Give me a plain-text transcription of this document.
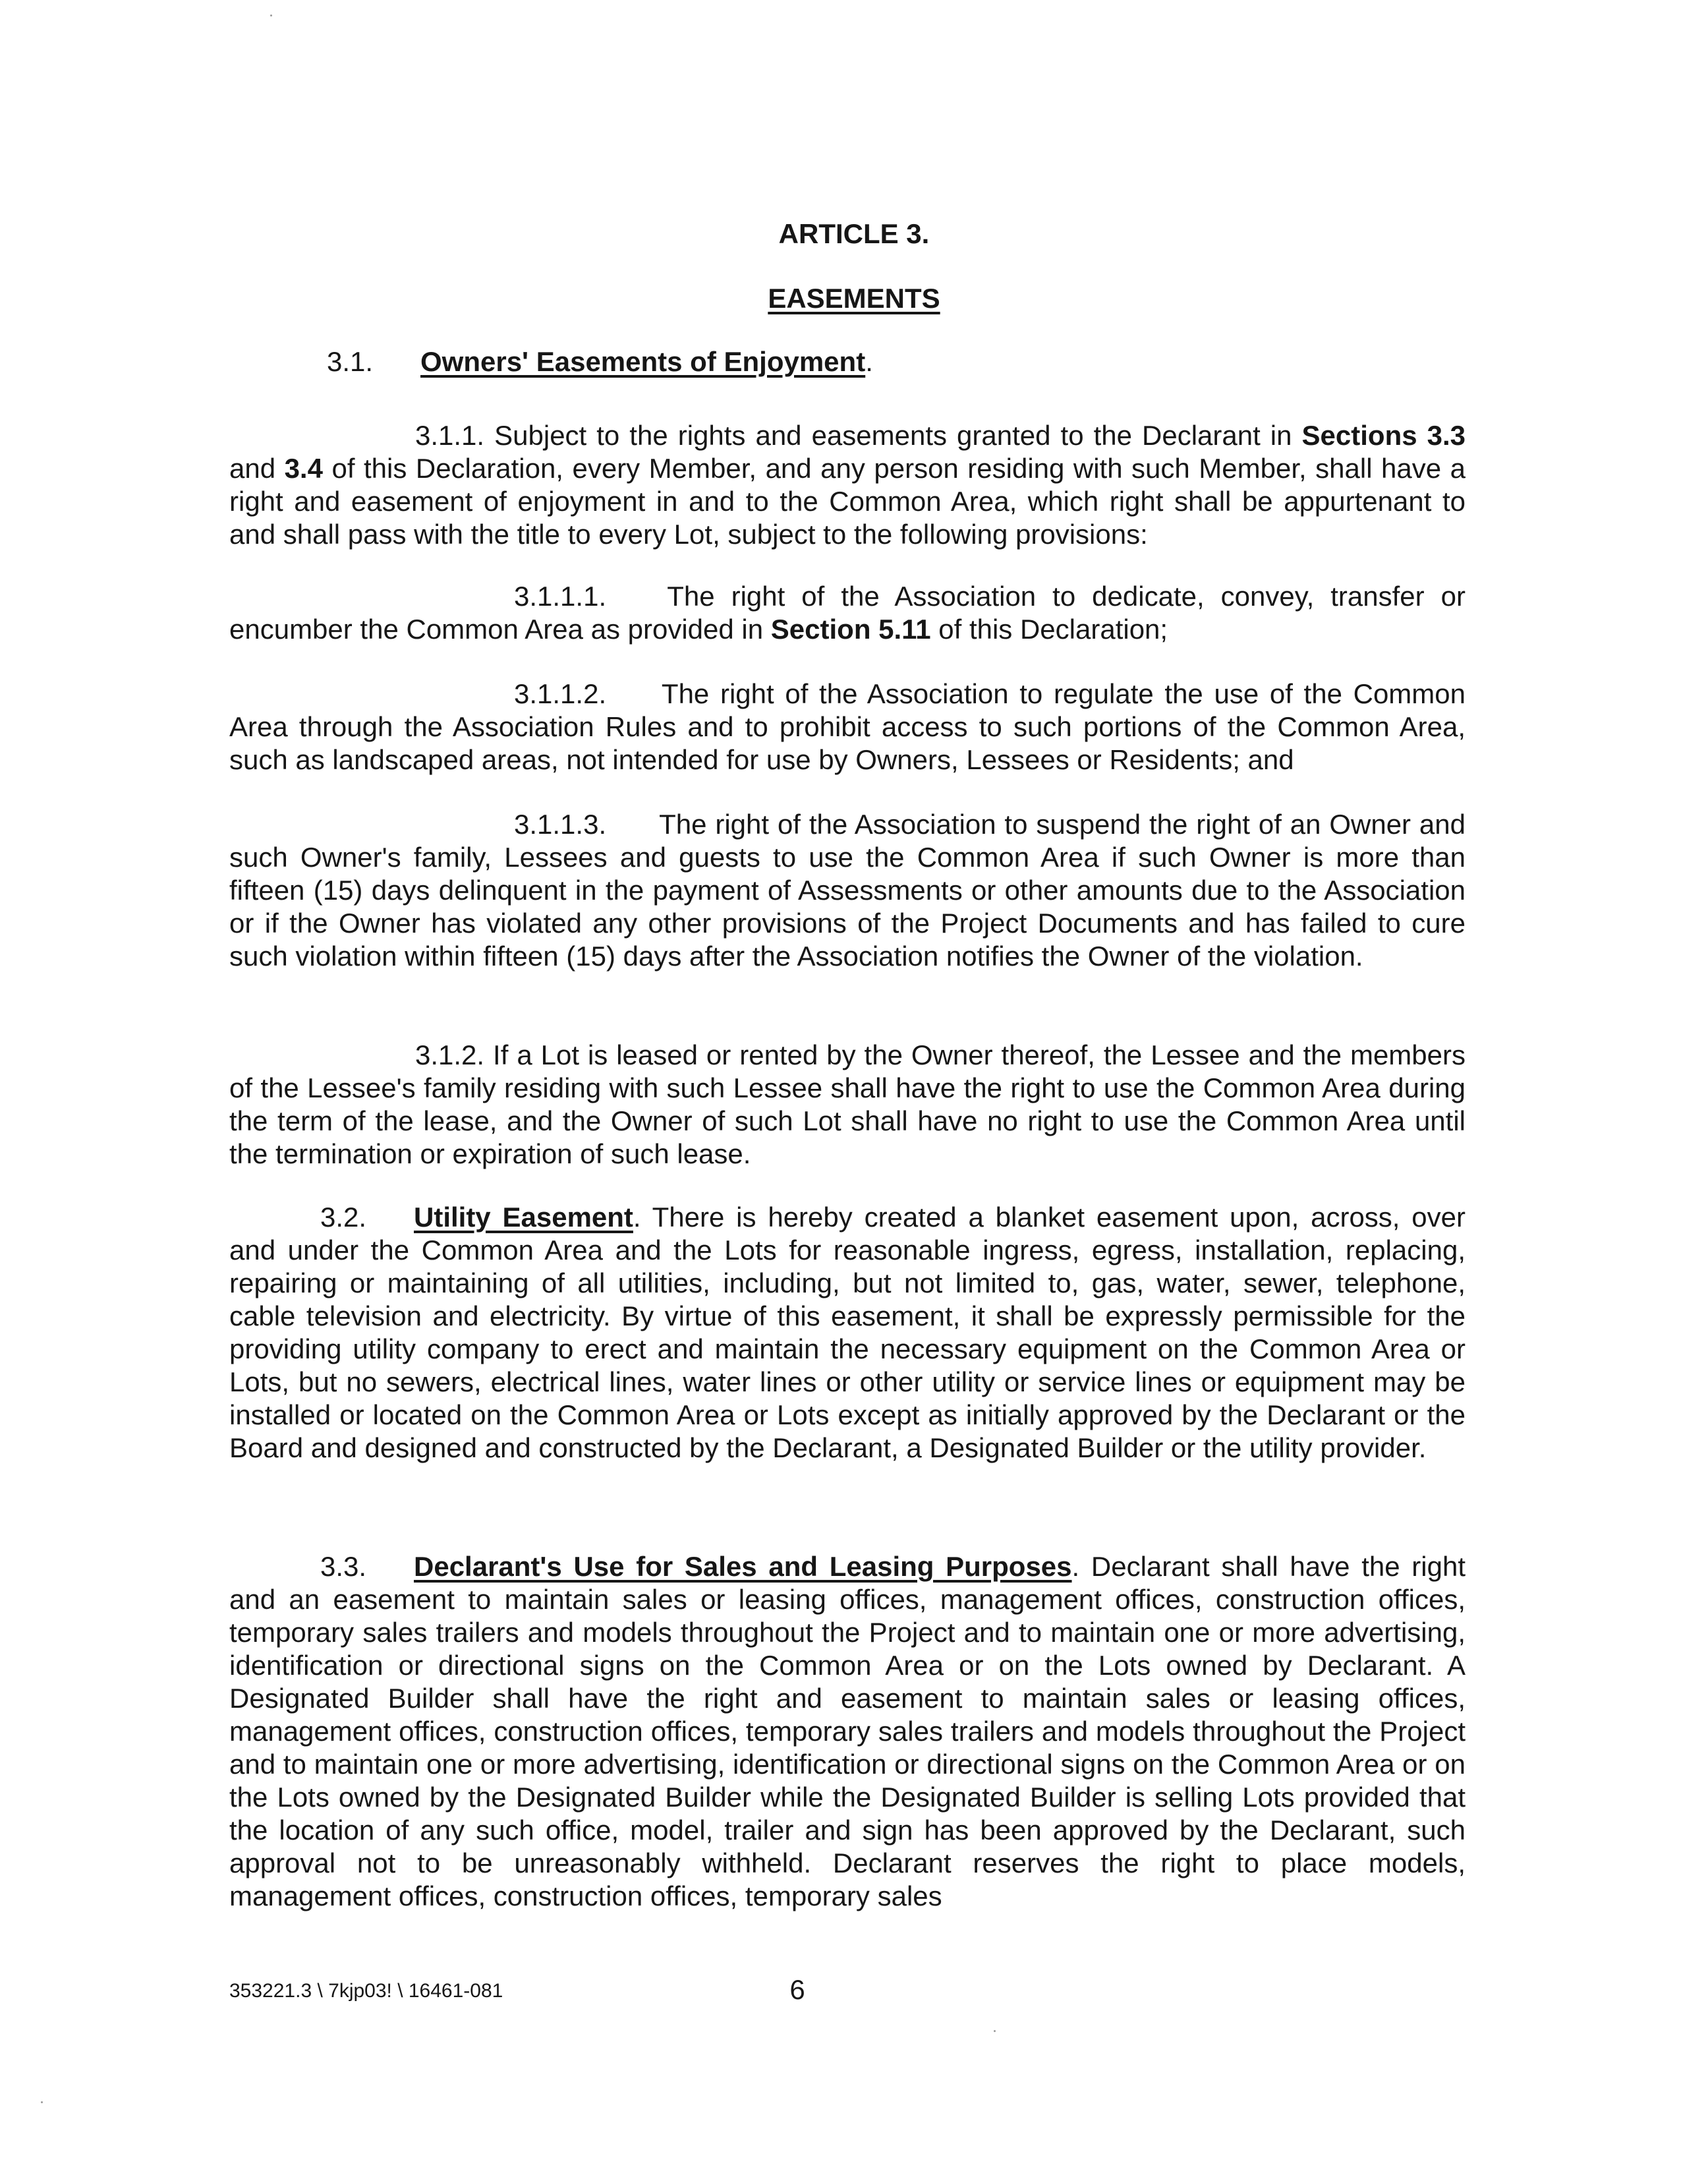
ARTICLE 3.
EASEMENTS

3.1. Owners' Easements of Enjoyment.

3.1.1. Subject to the rights and easements granted to the Declarant in Sections 3.3 and 3.4 of this Declaration, every Member, and any person residing with such Member, shall have a right and easement of enjoyment in and to the Common Area, which right shall be appurtenant to and shall pass with the title to every Lot, subject to the following provisions:

3.1.1.1. The right of the Association to dedicate, convey, transfer or encumber the Common Area as provided in Section 5.11 of this Declaration;

3.1.1.2. The right of the Association to regulate the use of the Common Area through the Association Rules and to prohibit access to such portions of the Common Area, such as landscaped areas, not intended for use by Owners, Lessees or Residents; and

3.1.1.3. The right of the Association to suspend the right of an Owner and such Owner's family, Lessees and guests to use the Common Area if such Owner is more than fifteen (15) days delinquent in the payment of Assessments or other amounts due to the Association or if the Owner has violated any other provisions of the Project Documents and has failed to cure such violation within fifteen (15) days after the Association notifies the Owner of the violation.

3.1.2. If a Lot is leased or rented by the Owner thereof, the Lessee and the members of the Lessee's family residing with such Lessee shall have the right to use the Common Area during the term of the lease, and the Owner of such Lot shall have no right to use the Common Area until the termination or expiration of such lease.

3.2. Utility Easement. There is hereby created a blanket easement upon, across, over and under the Common Area and the Lots for reasonable ingress, egress, installation, replacing, repairing or maintaining of all utilities, including, but not limited to, gas, water, sewer, telephone, cable television and electricity. By virtue of this easement, it shall be expressly permissible for the providing utility company to erect and maintain the necessary equipment on the Common Area or Lots, but no sewers, electrical lines, water lines or other utility or service lines or equipment may be installed or located on the Common Area or Lots except as initially approved by the Declarant or the Board and designed and constructed by the Declarant, a Designated Builder or the utility provider.

3.3. Declarant's Use for Sales and Leasing Purposes. Declarant shall have the right and an easement to maintain sales or leasing offices, management offices, construction offices, temporary sales trailers and models throughout the Project and to maintain one or more advertising, identification or directional signs on the Common Area or on the Lots owned by Declarant. A Designated Builder shall have the right and easement to maintain sales or leasing offices, management offices, construction offices, temporary sales trailers and models throughout the Project and to maintain one or more advertising, identification or directional signs on the Common Area or on the Lots owned by the Designated Builder while the Designated Builder is selling Lots provided that the location of any such office, model, trailer and sign has been approved by the Declarant, such approval not to be unreasonably withheld. Declarant reserves the right to place models, management offices, construction offices, temporary sales

353221.3 \ 7kjp03! \ 16461-081	6
